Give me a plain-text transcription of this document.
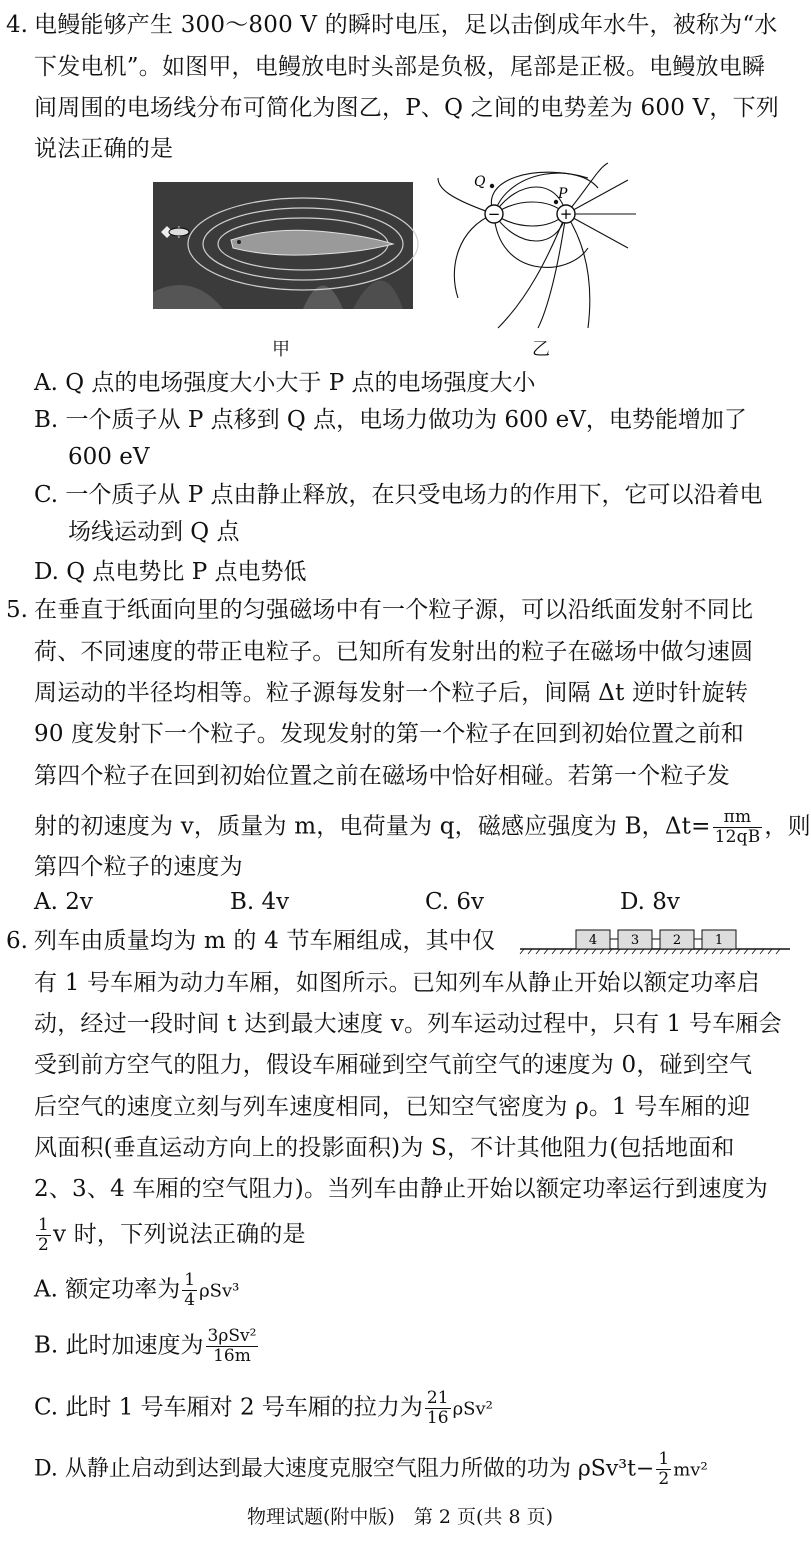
4. 电鳗能够产生 300～800 V 的瞬时电压，足以击倒成年水牛，被称为“水
下发电机”。如图甲，电鳗放电时头部是负极，尾部是正极。电鳗放电瞬
间周围的电场线分布可简化为图乙，P、Q 之间的电势差为 600 V，下列
说法正确的是
甲
−	+
Q
P
乙
A. Q 点的电场强度大小大于 P 点的电场强度大小
B. 一个质子从 P 点移到 Q 点，电场力做功为 600 eV，电势能增加了
600 eV
C. 一个质子从 P 点由静止释放，在只受电场力的作用下，它可以沿着电
场线运动到 Q 点
D. Q 点电势比 P 点电势低
5. 在垂直于纸面向里的匀强磁场中有一个粒子源，可以沿纸面发射不同比
荷、不同速度的带正电粒子。已知所有发射出的粒子在磁场中做匀速圆
周运动的半径均相等。粒子源每发射一个粒子后，间隔 Δt 逆时针旋转
90 度发射下一个粒子。发现发射的第一个粒子在回到初始位置之前和
第四个粒子在回到初始位置之前在磁场中恰好相碰。若第一个粒子发
射的初速度为 v，质量为 m，电荷量为 q，磁感应强度为 B，$\Delta t= \frac{\pi m}{12qB}$ ，则
第四个粒子的速度为
A. 2v	B. 4v	C. 6v	D. 8v
6. 列车由质量均为 m 的 4 节车厢组成，其中仅	4	3	2	1
有 1 号车厢为动力车厢，如图所示。已知列车从静止开始以额定功率启
动，经过一段时间 t 达到最大速度 v。列车运动过程中，只有 1 号车厢会
受到前方空气的阻力，假设车厢碰到空气前空气的速度为 0，碰到空气
后空气的速度立刻与列车速度相同，已知空气密度为 ρ。1 号车厢的迎
风面积(垂直运动方向上的投影面积)为 S，不计其他阻力(包括地面和
2、3、4 车厢的空气阻力)。当列车由静止开始以额定功率运行到速度为
$\frac{1}{2}$ v 时，下列说法正确的是
A. 额定功率为 $\frac{1}{4} \rho Sv^3$
B. 此时加速度为 $\frac{\text{3ρSv²}}{16m}$
C. 此时 1 号车厢对 2 号车厢的拉力为 $\frac{21}{16} \rho Sv^2$
D. 从静止启动到达到最大速度克服空气阻力所做的功为 $\rho Sv^3t- \frac{1}{2} mv^2$
物理试题(附中版)　第 2 页(共 8 页)
